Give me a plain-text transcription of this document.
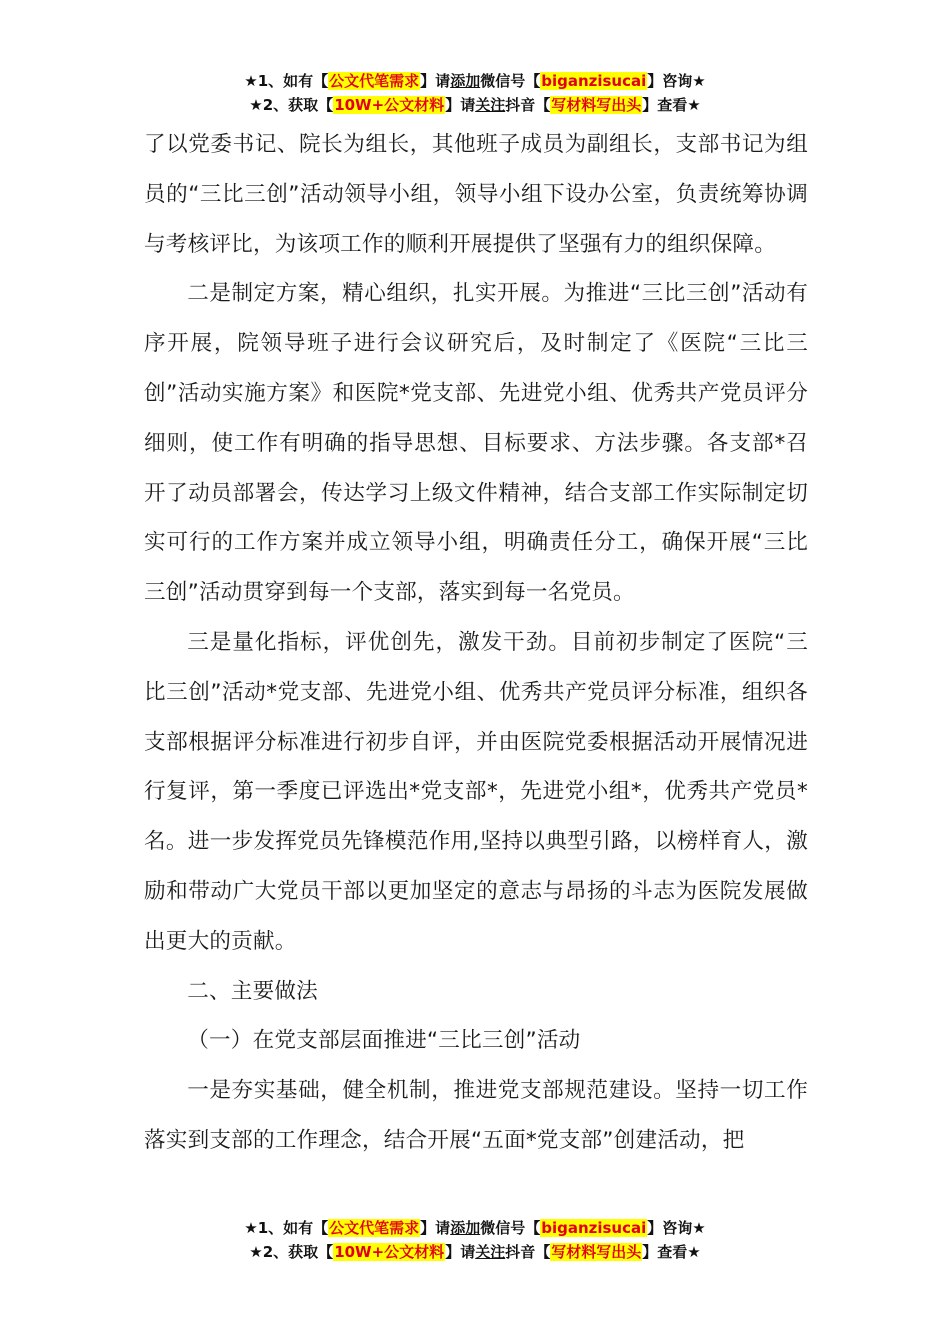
★1、如有【公文代笔需求】请添加微信号【biganzisucai】咨询★
★2、获取【10W+公文材料】请关注抖音【写材料写出头】查看★

了以党委书记、院长为组长，其他班子成员为副组长，支部书记为组员的“三比三创”活动领导小组，领导小组下设办公室，负责统筹协调与考核评比，为该项工作的顺利开展提供了坚强有力的组织保障。

二是制定方案，精心组织，扎实开展。为推进“三比三创”活动有序开展，院领导班子进行会议研究后，及时制定了《医院“三比三创”活动实施方案》和医院*党支部、先进党小组、优秀共产党员评分细则，使工作有明确的指导思想、目标要求、方法步骤。各支部*召开了动员部署会，传达学习上级文件精神，结合支部工作实际制定切实可行的工作方案并成立领导小组，明确责任分工，确保开展“三比三创”活动贯穿到每一个支部，落实到每一名党员。

三是量化指标，评优创先，激发干劲。目前初步制定了医院“三比三创”活动*党支部、先进党小组、优秀共产党员评分标准，组织各支部根据评分标准进行初步自评，并由医院党委根据活动开展情况进行复评，第一季度已评选出*党支部*，先进党小组*，优秀共产党员*名。进一步发挥党员先锋模范作用,坚持以典型引路，以榜样育人，激励和带动广大党员干部以更加坚定的意志与昂扬的斗志为医院发展做出更大的贡献。

二、主要做法

（一）在党支部层面推进“三比三创”活动

一是夯实基础，健全机制，推进党支部规范建设。坚持一切工作落实到支部的工作理念，结合开展“五面*党支部”创建活动，把

★1、如有【公文代笔需求】请添加微信号【biganzisucai】咨询★
★2、获取【10W+公文材料】请关注抖音【写材料写出头】查看★
